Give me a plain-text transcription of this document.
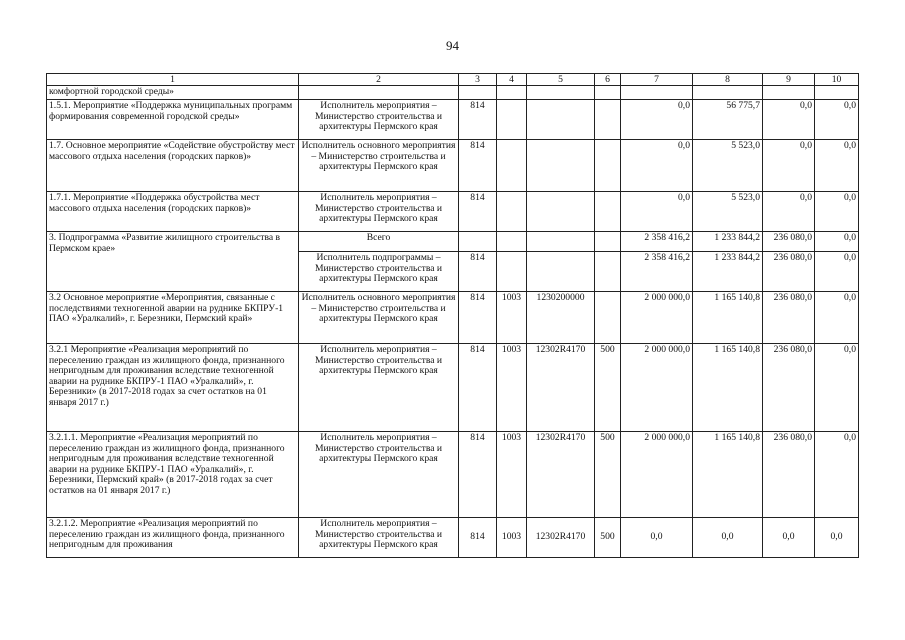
94
1	2	3	4	5	6	7	8	9	10
комфортной городской среды»									
1.5.1. Мероприятие «Поддержка муниципальных программ формирования современной городской среды»	Исполнитель мероприятия – Министерство строительства и архитектуры Пермского края	814				0,0	56 775,7	0,0	0,0
1.7. Основное мероприятие «Содействие обустройству мест массового отдыха населения (городских парков)»	Исполнитель основного мероприятия – Министерство строительства и архитектуры Пермского края	814				0,0	5 523,0	0,0	0,0
1.7.1. Мероприятие «Поддержка обустройства мест массового отдыха населения (городских парков)»	Исполнитель мероприятия – Министерство строительства и архитектуры Пермского края	814				0,0	5 523,0	0,0	0,0
3. Подпрограмма «Развитие жилищного строительства в Пермском крае»	Всего					2 358 416,2	1 233 844,2	236 080,0	0,0
	Исполнитель подпрограммы – Министерство строительства и архитектуры Пермского края	814				2 358 416,2	1 233 844,2	236 080,0	0,0
3.2 Основное мероприятие «Мероприятия, связанные с последствиями техногенной аварии на руднике БКПРУ-1 ПАО «Уралкалий», г. Березники, Пермский край»	Исполнитель основного мероприятия – Министерство строительства и архитектуры Пермского края	814	1003	1230200000		2 000 000,0	1 165 140,8	236 080,0	0,0
3.2.1 Мероприятие «Реализация мероприятий по переселению граждан из жилищного фонда, признанного непригодным для проживания вследствие техногенной аварии на руднике БКПРУ-1 ПАО «Уралкалий», г. Березники» (в 2017-2018 годах за счет остатков на 01 января 2017 г.)	Исполнитель мероприятия – Министерство строительства и архитектуры Пермского края	814	1003	12302R4170	500	2 000 000,0	1 165 140,8	236 080,0	0,0
3.2.1.1. Мероприятие «Реализация мероприятий по переселению граждан из жилищного фонда, признанного непригодным для проживания вследствие техногенной аварии на руднике БКПРУ-1 ПАО «Уралкалий», г. Березники, Пермский край» (в 2017-2018 годах за счет остатков на 01 января 2017 г.)	Исполнитель мероприятия – Министерство строительства и архитектуры Пермского края	814	1003	12302R4170	500	2 000 000,0	1 165 140,8	236 080,0	0,0
3.2.1.2. Мероприятие «Реализация мероприятий по переселению граждан из жилищного фонда, признанного непригодным для проживания	Исполнитель мероприятия – Министерство строительства и архитектуры Пермского края	814	1003	12302R4170	500	0,0	0,0	0,0	0,0
